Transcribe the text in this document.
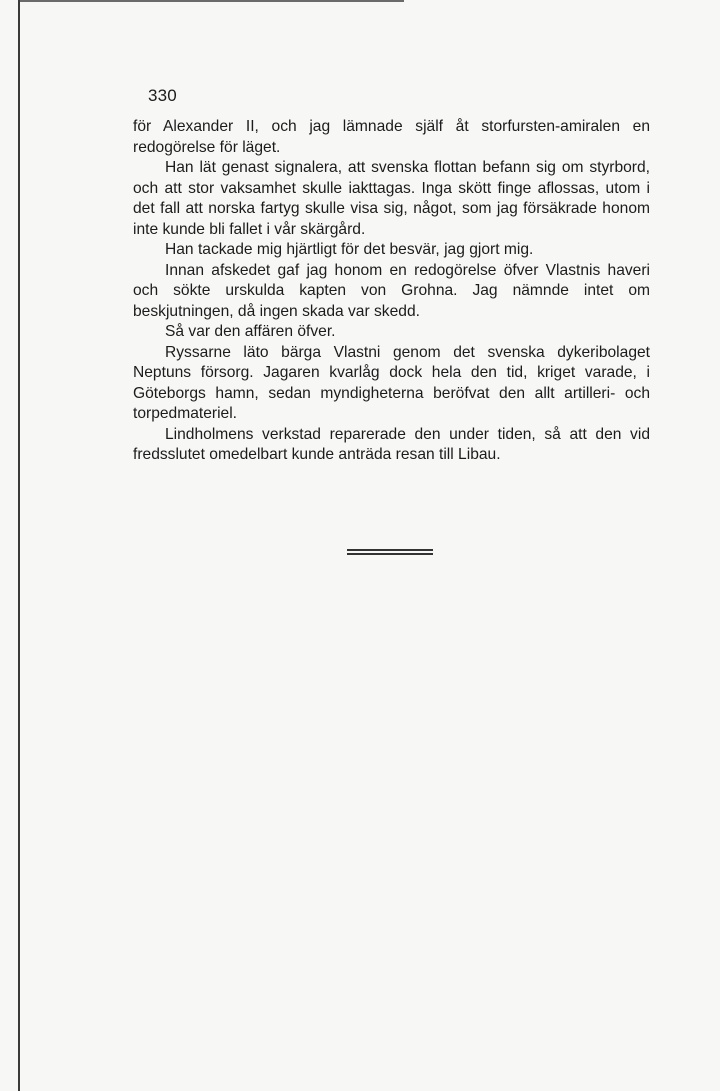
330

för Alexander II, och jag lämnade själf åt storfursten-amiralen en redogörelse för läget.

Han lät genast signalera, att svenska flottan befann sig om styrbord, och att stor vaksamhet skulle iakttagas. Inga skött finge aflossas, utom i det fall att norska fartyg skulle visa sig, något, som jag försäkrade honom inte kunde bli fallet i vår skärgård.

Han tackade mig hjärtligt för det besvär, jag gjort mig.

Innan afskedet gaf jag honom en redogörelse öfver Vlastnis haveri och sökte urskulda kapten von Grohna. Jag nämnde intet om beskjutningen, då ingen skada var skedd.

Så var den affären öfver.

Ryssarne läto bärga Vlastni genom det svenska dykeribolaget Neptuns försorg. Jagaren kvarlåg dock hela den tid, kriget varade, i Göteborgs hamn, sedan myndigheterna beröfvat den allt artilleri- och torpedmateriel.

Lindholmens verkstad reparerade den under tiden, så att den vid fredsslutet omedelbart kunde anträda resan till Libau.
